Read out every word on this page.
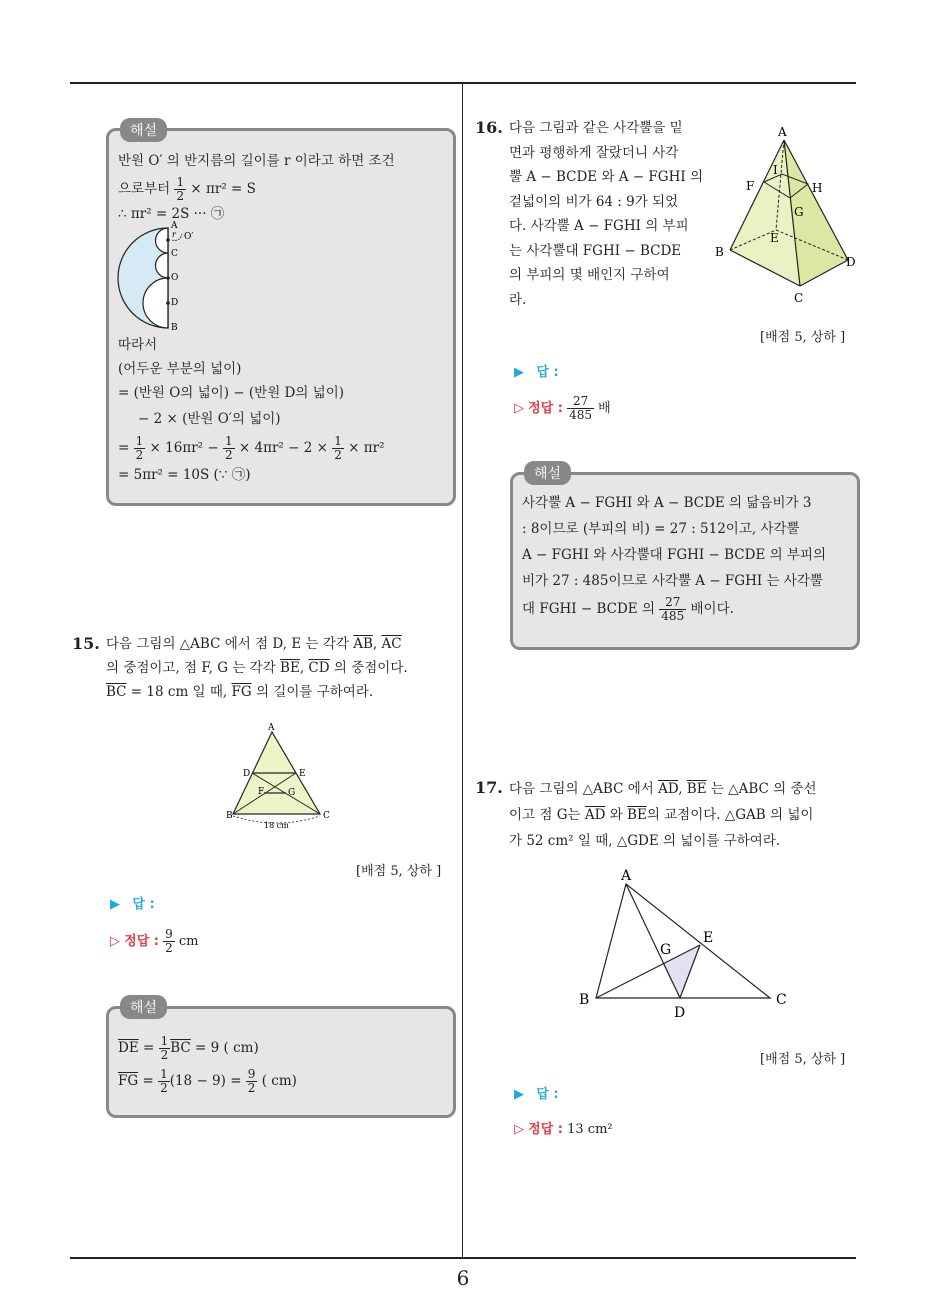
6
해설
반원 O′ 의 반지름의 길이를 r 이라고 하면 조건
으로부터 $\frac{1}{2} \times \pi r^2 = S$
∴ πr² = 2S ··· ㉠
A
r O′
C
O
D
B
따라서
(어두운 부분의 넓이)
= (반원 O의 넓이) − (반원 D의 넓이)
− 2 × (반원 O′의 넓이)
= $\frac{1}{2} \times 16\pi r^2 - \frac{1}{2} \times 4\pi r^2 - 2 \times \frac{1}{2} \times \pi r^2$
= 5πr² = 10S (∵ ㉠)
15. 다음 그림의 △ABC 에서 점 D, E 는 각각 $\overline{AB}$, $\overline{AC}$
의 중점이고, 점 F, G 는 각각 $\overline{BE}$, $\overline{CD}$ 의 중점이다.
$\overline{BC} = 18$ cm 일 때, $\overline{FG}$ 의 길이를 구하여라.
A
D	E
F	G
B	C
18 cm
[배점 5, 상하 ]
▶ 답 :
▷ 정답 : $\frac{9}{2}$ cm
해설
$\overline{DE} = \frac{1}{2} \overline{BC} = 9$ ( cm)
$\overline{FG} = \frac{1}{2} (18 - 9) = \frac{9}{2}$ ( cm)
16. 다음 그림과 같은 사각뿔을 밑
면과 평행하게 잘랐더니 사각
뿔 A − BCDE 와 A − FGHI 의
겉넓이의 비가 64 : 9가 되었
다. 사각뿔 A − FGHI 의 부피
는 사각뿔대 FGHI − BCDE
의 부피의 몇 배인지 구하여
라.
A
I
F	H
G
E
B
D
C
[배점 5, 상하 ]
▶ 답 :
▷ 정답 : $\frac{27}{485}$ 배
해설
사각뿔 A − FGHI 와 A − BCDE 의 닮음비가 3
: 8이므로 (부피의 비) = 27 : 512이고, 사각뿔
A − FGHI 와 사각뿔대 FGHI − BCDE 의 부피의
비가 27 : 485이므로 사각뿔 A − FGHI 는 사각뿔
대 FGHI − BCDE 의 $\frac{27}{485}$ 배이다.
17. 다음 그림의 △ABC 에서 $\overline{AD}$, $\overline{BE}$ 는 △ABC 의 중선
이고 점 G는 $\overline{AD}$ 와 $\overline{BE}$의 교점이다. △GAB 의 넓이
가 52 cm² 일 때, △GDE 의 넓이를 구하여라.
A
E
G
B
D
C
[배점 5, 상하 ]
▶ 답 :
▷ 정답 : 13 cm²
